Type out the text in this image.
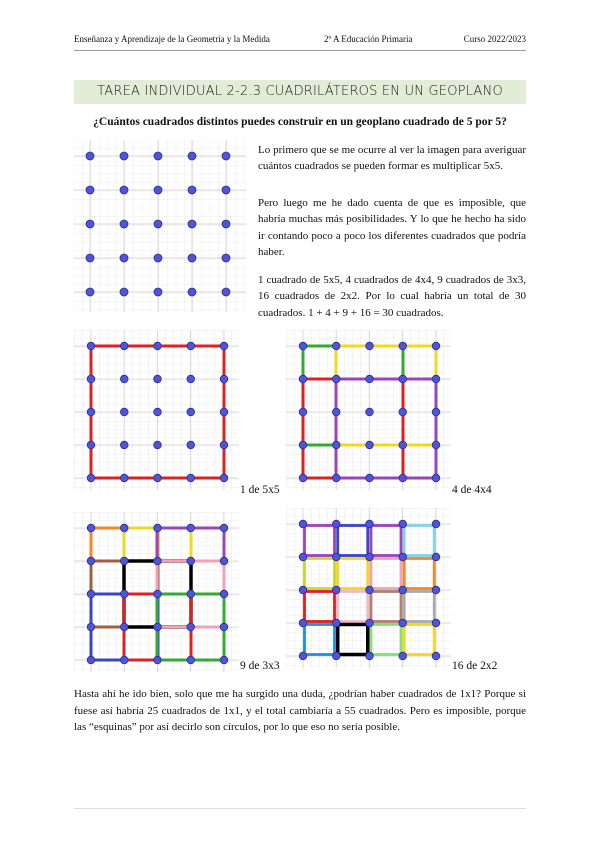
Enseñanza y Aprendizaje de la Geometría y la Medida	2º A Educación Primaria	Curso 2022/2023
TAREA INDIVIDUAL 2-2.3 CUADRILÁTEROS EN UN GEOPLANO
¿Cuántos cuadrados distintos puedes construir en un geoplano cuadrado de 5 por 5?
Lo primero que se me ocurre al ver la imagen para averiguar cuántos cuadrados se pueden formar es multiplicar 5x5.
Pero luego me he dado cuenta de que es imposible, que habría muchas más posibilidades. Y lo que he hecho ha sido ir contando poco a poco los diferentes cuadrados que podría haber.
1 cuadrado de 5x5, 4 cuadrados de 4x4, 9 cuadrados de 3x3, 16 cuadrados de 2x2. Por lo cual habría un total de 30 cuadrados. 1 + 4 + 9 + 16 = 30 cuadrados.
1 de 5x5	4 de 4x4
9 de 3x3	16 de 2x2
Hasta ahí he ido bien, solo que me ha surgido una duda, ¿podrían haber cuadrados de 1x1? Porque si fuese así habría 25 cuadrados de 1x1, y el total cambiaría a 55 cuadrados. Pero es imposible, porque las “esquinas” por así decirlo son círculos, por lo que eso no sería posible.
